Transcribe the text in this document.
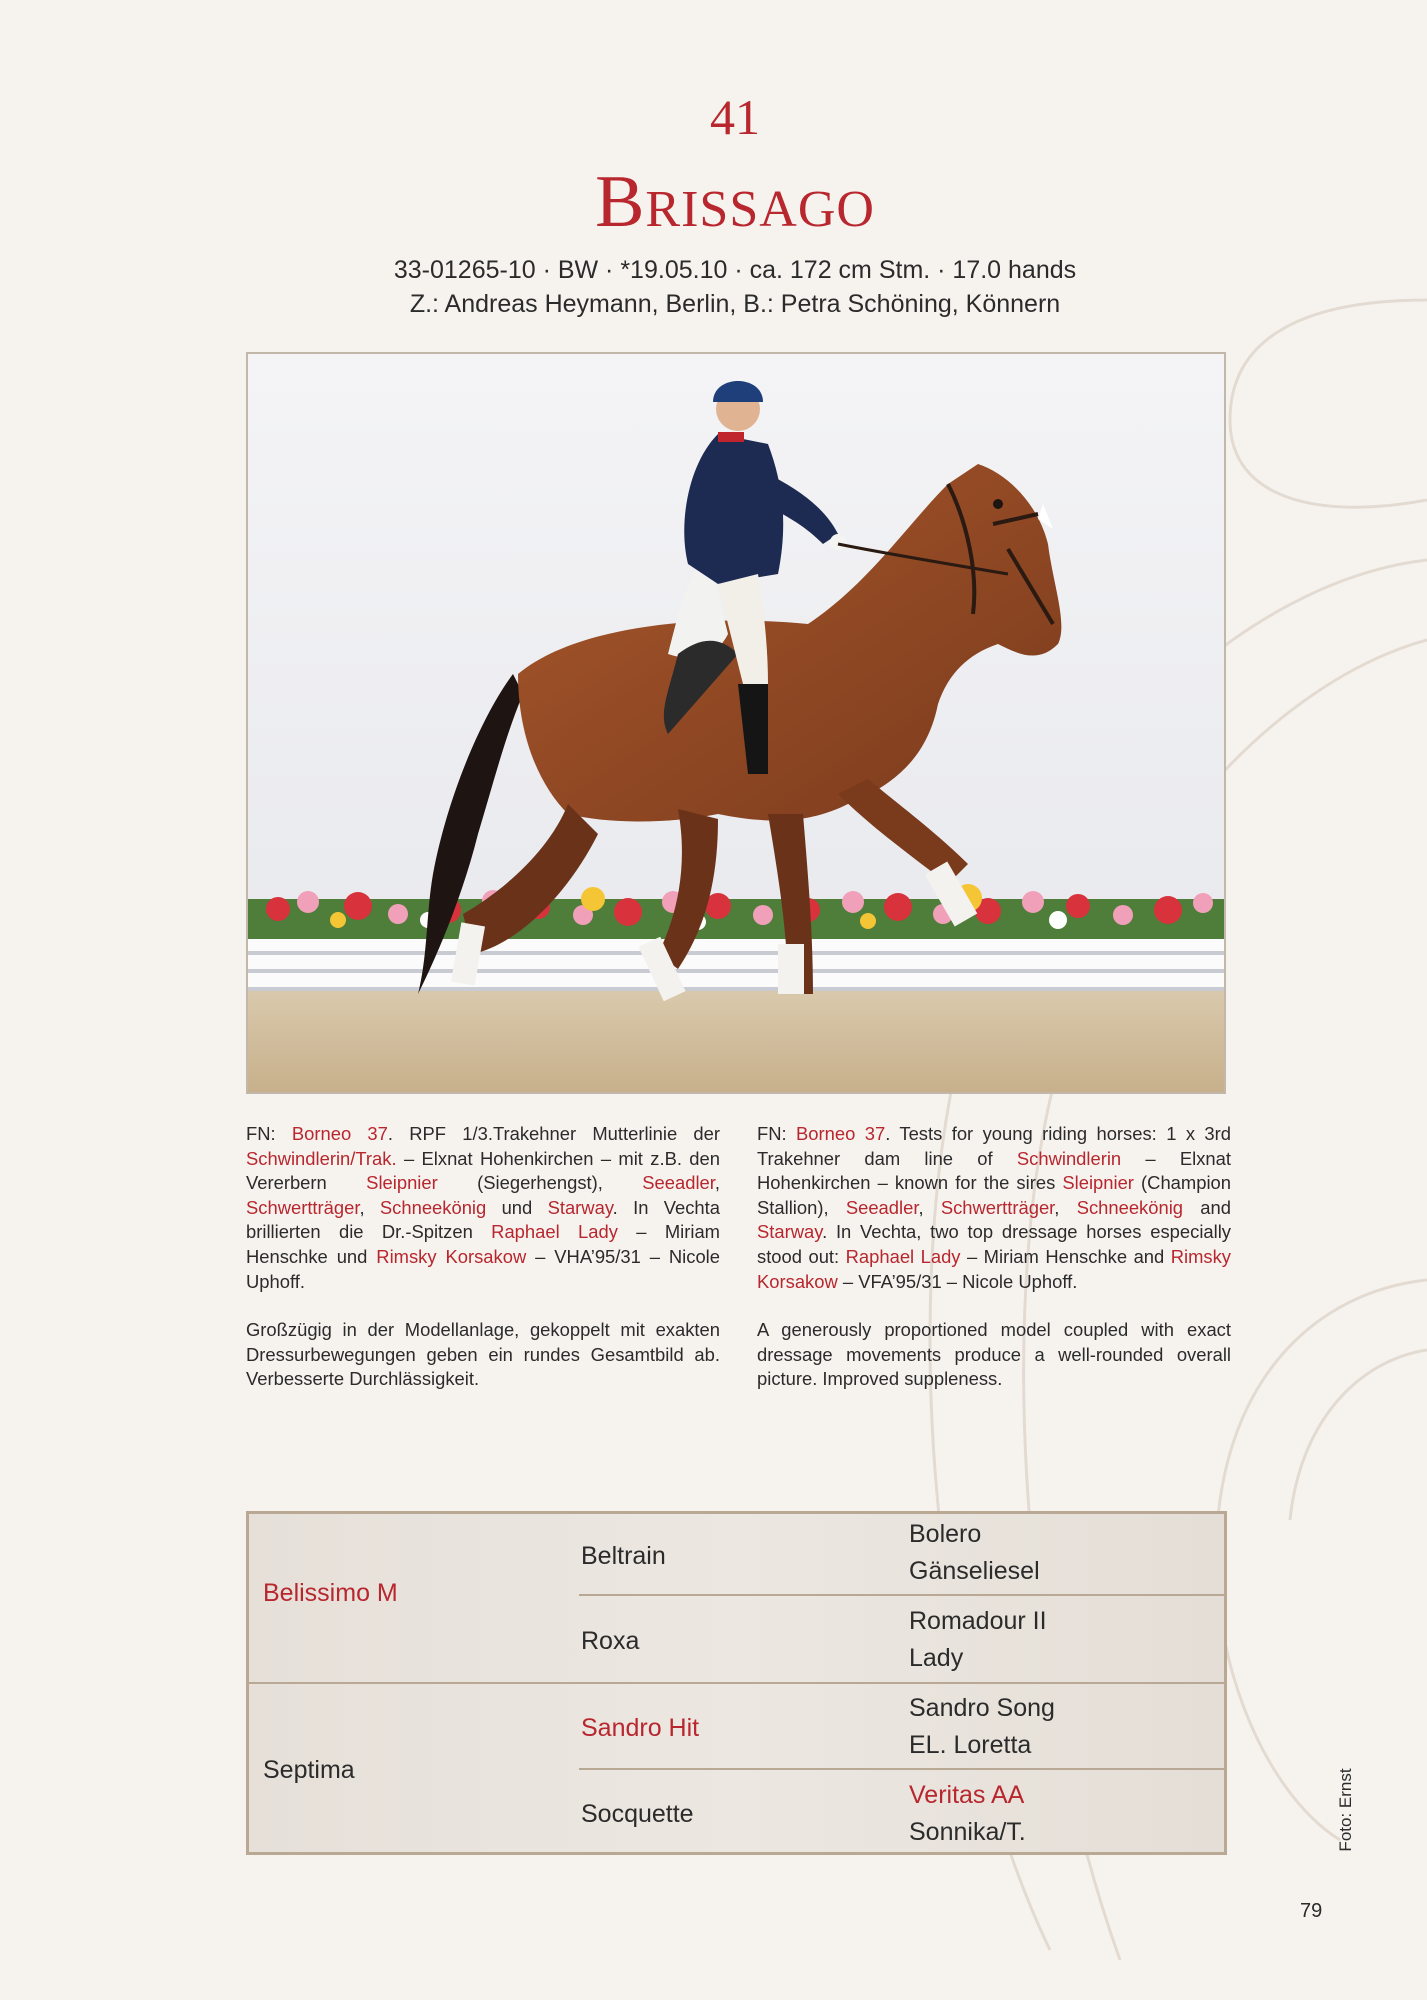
41
Brissago
33-01265-10 · BW · *19.05.10 · ca. 172 cm Stm. · 17.0 hands
Z.: Andreas Heymann, Berlin, B.: Petra Schöning, Könnern

FN: Borneo 37. RPF 1/3.Trakehner Mutterlinie der Schwindlerin/Trak. – Elxnat Hohenkirchen – mit z.B. den Vererbern Sleipnier (Siegerhengst), Seeadler, Schwertträger, Schneekönig und Starway. In Vechta brillierten die Dr.-Spitzen Raphael Lady – Miriam Henschke und Rimsky Korsakow – VHA’95/31 – Nicole Uphoff.

Großzügig in der Modellanlage, gekoppelt mit exakten Dressurbewegungen geben ein rundes Gesamtbild ab. Verbesserte Durchlässigkeit.

FN: Borneo 37. Tests for young riding horses: 1 x 3rd Trakehner dam line of Schwindlerin – Elxnat Hohenkirchen – known for the sires Sleipnier (Champion Stallion), Seeadler, Schwertträger, Schneekönig and Starway. In Vechta, two top dressage horses especially stood out: Raphael Lady – Miriam Henschke and Rimsky Korsakow – VFA’95/31 – Nicole Uphoff.

A generously proportioned model coupled with exact dressage movements produce a well-rounded overall picture. Improved suppleness.

Belissimo M
Septima
Beltrain
Roxa
Sandro Hit
Socquette
Bolero
Gänseliesel
Romadour II
Lady
Sandro Song
EL. Loretta
Veritas AA
Sonnika/T.	Foto: Ernst
79
